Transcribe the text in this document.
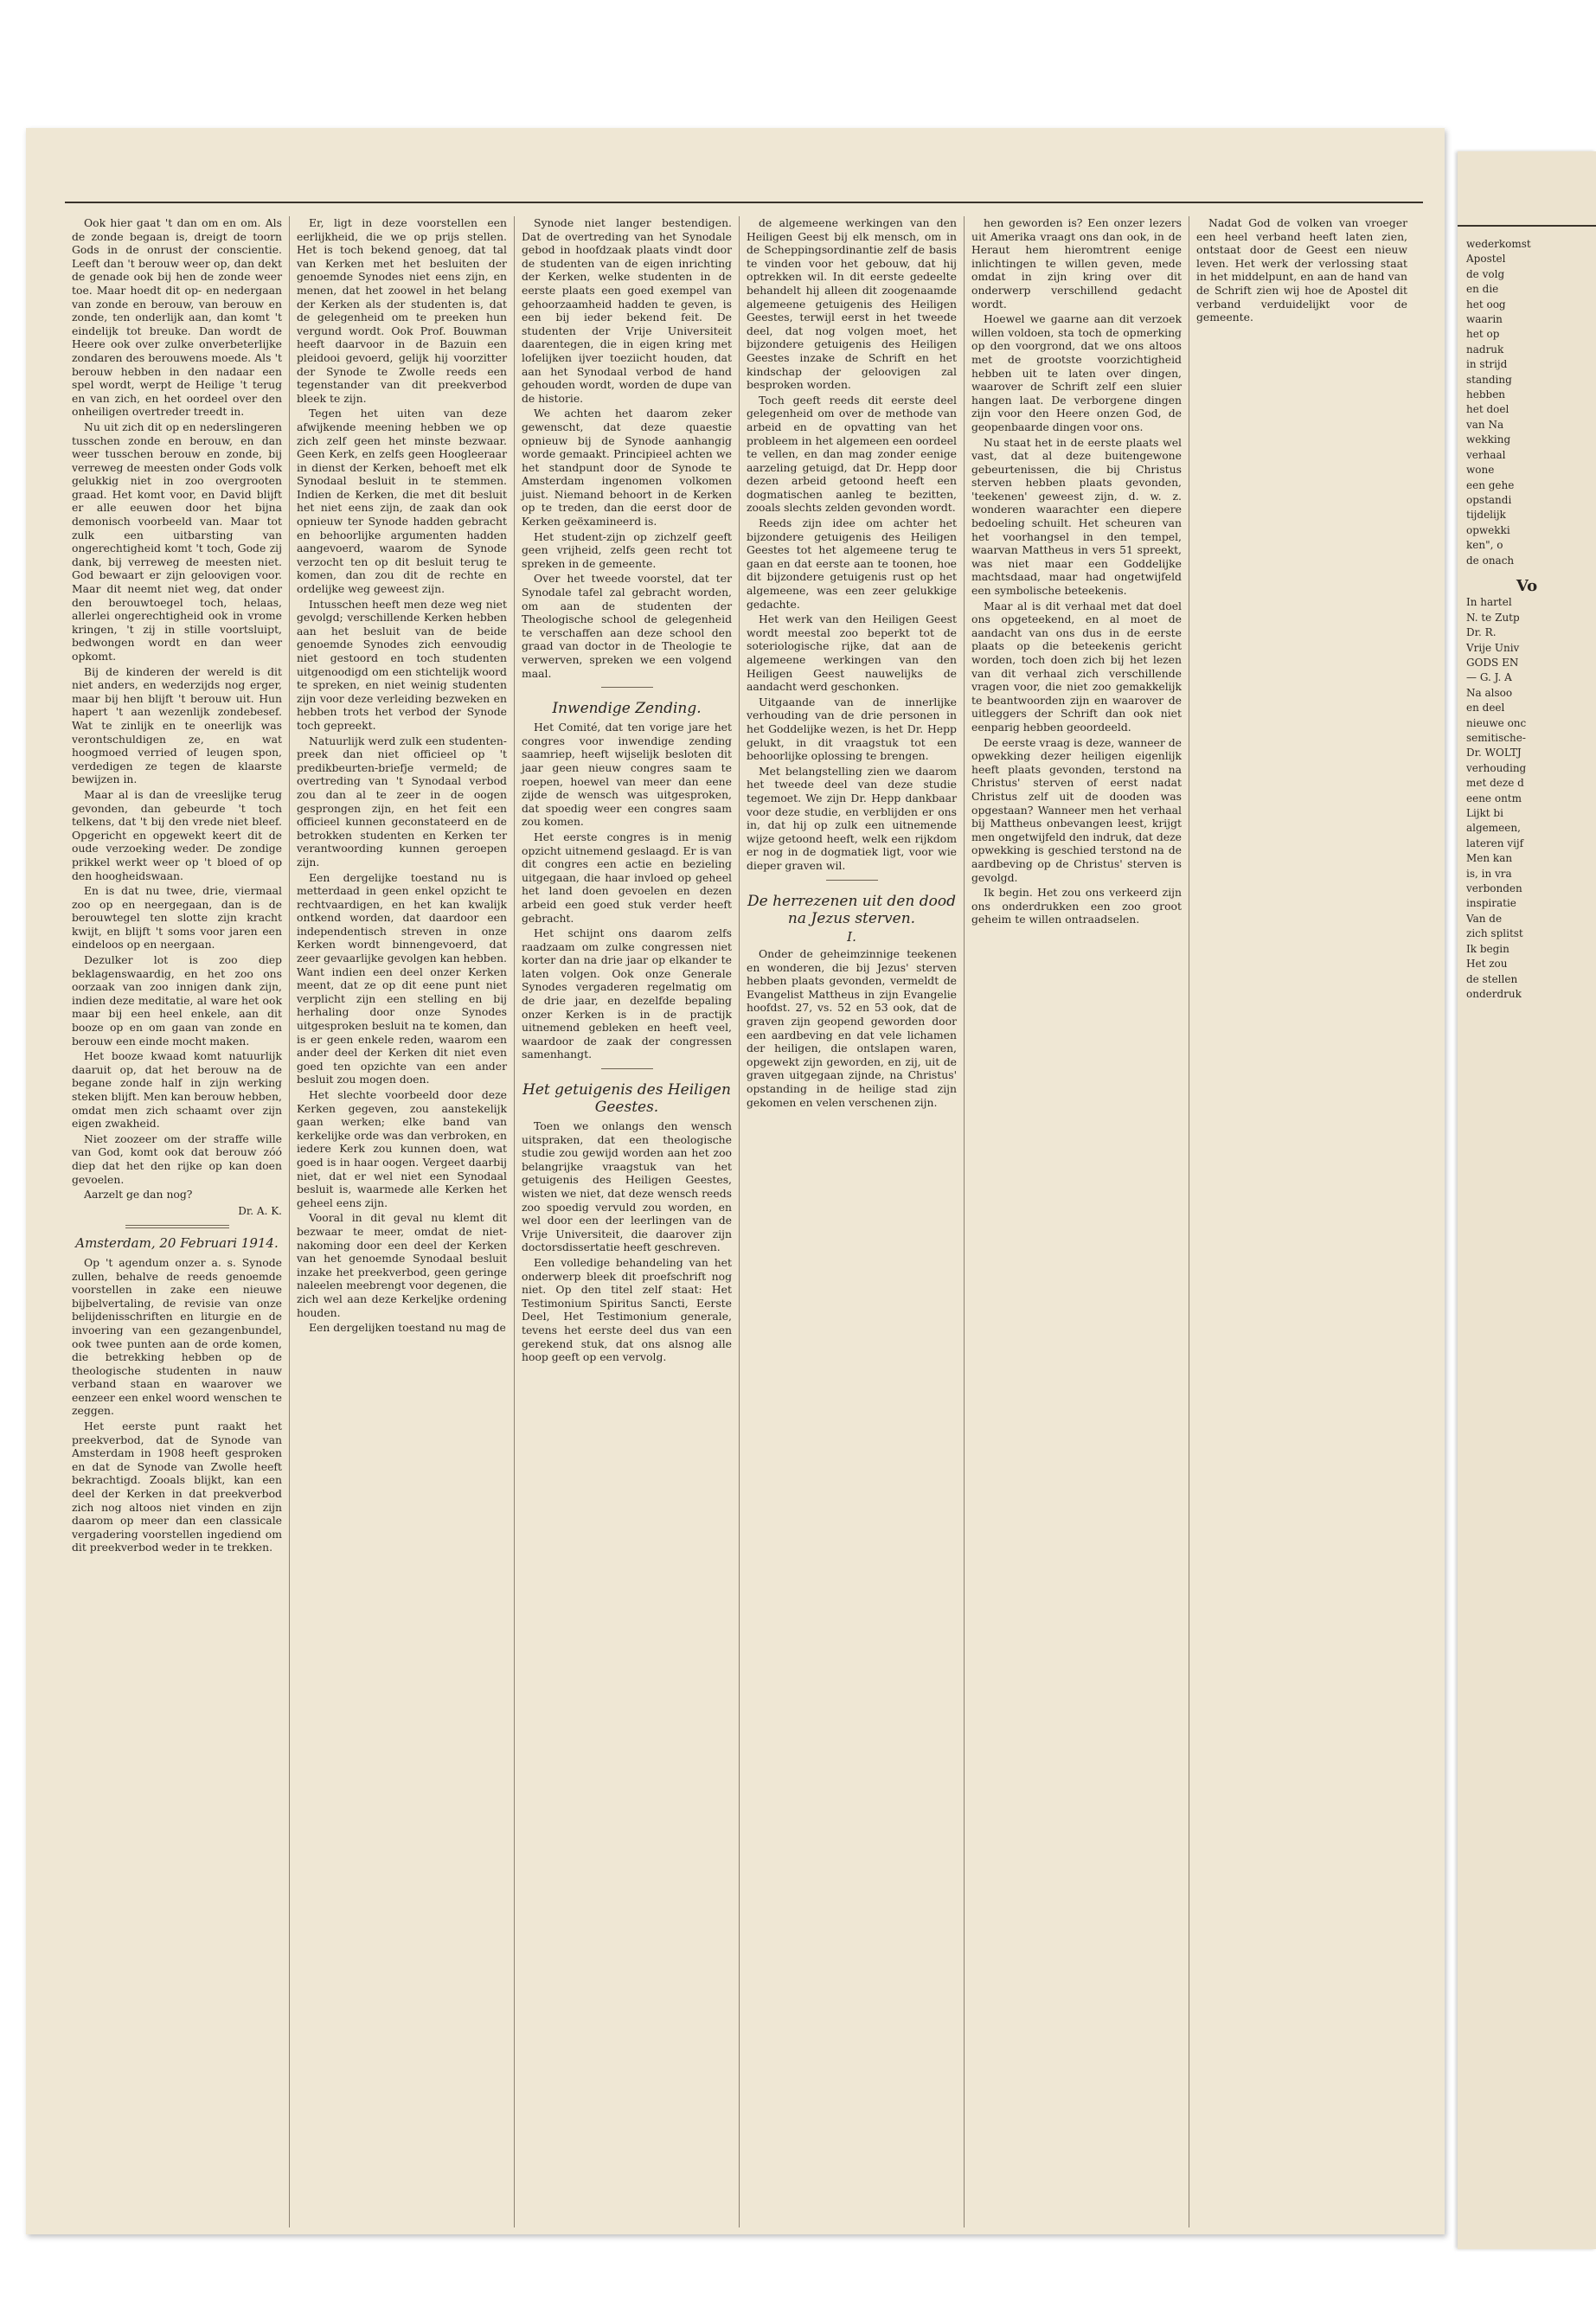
Ook hier gaat 't dan om en om. Als de zonde begaan is, dreigt de toorn Gods in de onrust der conscientie. Leeft dan 't berouw weer op, dan dekt de genade ook bij hen de zonde weer toe. Maar hoedt dit op- en nedergaan van zonde en berouw, van berouw en zonde, ten onderlijk aan, dan komt 't eindelijk tot breuke. Dan wordt de Heere ook over zulke onverbeterlijke zondaren des berouwens moede. Als 't berouw hebben in den nadaar een spel wordt, werpt de Heilige 't terug en van zich, en het oordeel over den onheiligen overtreder treedt in.

Nu uit zich dit op en nederslingeren tusschen zonde en berouw, en dan weer tusschen berouw en zonde, bij verreweg de meesten onder Gods volk gelukkig niet in zoo overgrooten graad. Het komt voor, en David blijft er alle eeuwen door het bijna demonisch voorbeeld van. Maar tot zulk een uitbarsting van ongerechtigheid komt 't toch, Gode zij dank, bij verreweg de meesten niet. God bewaart er zijn geloovigen voor. Maar dit neemt niet weg, dat onder den berouwtoegel toch, helaas, allerlei ongerechtigheid ook in vrome kringen, 't zij in stille voortsluipt, bedwongen wordt en dan weer opkomt.

Bij de kinderen der wereld is dit niet anders, en wederzijds nog erger, maar bij hen blijft 't berouw uit. Hun hapert 't aan wezenlijk zondebesef. Wat te zinlijk en te oneerlijk was verontschuldigen ze, en wat hoogmoed verried of leugen spon, verdedigen ze tegen de klaarste bewijzen in.

Maar al is dan de vreeslijke terug gevonden, dan gebeurde 't toch telkens, dat 't bij den vrede niet bleef. Opgericht en opgewekt keert dit de oude verzoeking weder. De zondige prikkel werkt weer op 't bloed of op den hoogheidswaan.

En is dat nu twee, drie, viermaal zoo op en neergegaan, dan is de berouwtegel ten slotte zijn kracht kwijt, en blijft 't soms voor jaren een eindeloos op en neergaan.

Dezulker lot is zoo diep beklagenswaardig, en het zoo ons oorzaak van zoo innigen dank zijn, indien deze meditatie, al ware het ook maar bij een heel enkele, aan dit booze op en om gaan van zonde en berouw een einde mocht maken.

Het booze kwaad komt natuurlijk daaruit op, dat het berouw na de begane zonde half in zijn werking steken blijft. Men kan berouw hebben, omdat men zich schaamt over zijn eigen zwakheid.

Niet zoozeer om der straffe wille van God, komt ook dat berouw zóó diep dat het den rijke op kan doen gevoelen.

Aarzelt ge dan nog?

Dr. A. K.
Amsterdam, 20 Februari 1914.

Op 't agendum onzer a. s. Synode zullen, behalve de reeds genoemde voorstellen in zake een nieuwe bijbelvertaling, de revisie van onze belijdenisschriften en liturgie en de invoering van een gezangenbundel, ook twee punten aan de orde komen, die betrekking hebben op de theologische studenten in nauw verband staan en waarover we eenzeer een enkel woord wenschen te zeggen.

Het eerste punt raakt het preekverbod, dat de Synode van Amsterdam in 1908 heeft gesproken en dat de Synode van Zwolle heeft bekrachtigd. Zooals blijkt, kan een deel der Kerken in dat preekverbod zich nog altoos niet vinden en zijn daarom op meer dan een classicale vergadering voorstellen ingediend om dit preekverbod weder in te trekken.

Er, ligt in deze voorstellen een eerlijkheid, die we op prijs stellen. Het is toch bekend genoeg, dat tal van Kerken met het besluiten der genoemde Synodes niet eens zijn, en menen, dat het zoowel in het belang der Kerken als der studenten is, dat de gelegenheid om te preeken hun vergund wordt. Ook Prof. Bouwman heeft daarvoor in de Bazuin een pleidooi gevoerd, gelijk hij voorzitter der Synode te Zwolle reeds een tegenstander van dit preekverbod bleek te zijn.

Tegen het uiten van deze afwijkende meening hebben we op zich zelf geen het minste bezwaar. Geen Kerk, en zelfs geen Hoogleeraar in dienst der Kerken, behoeft met elk Synodaal besluit in te stemmen. Indien de Kerken, die met dit besluit het niet eens zijn, de zaak dan ook opnieuw ter Synode hadden gebracht en behoorlijke argumenten hadden aangevoerd, waarom de Synode verzocht ten op dit besluit terug te komen, dan zou dit de rechte en ordelijke weg geweest zijn.

Intusschen heeft men deze weg niet gevolgd; verschillende Kerken hebben aan het besluit van de beide genoemde Synodes zich eenvoudig niet gestoord en toch studenten uitgenoodigd om een stichtelijk woord te spreken, en niet weinig studenten zijn voor deze verleiding bezweken en hebben trots het verbod der Synode toch gepreekt.

Natuurlijk werd zulk een studenten-preek dan niet officieel op 't predikbeurten-briefje vermeld; de overtreding van 't Synodaal verbod zou dan al te zeer in de oogen gesprongen zijn, en het feit een officieel kunnen geconstateerd en de betrokken studenten en Kerken ter verantwoording kunnen geroepen zijn.

Een dergelijke toestand nu is metterdaad in geen enkel opzicht te rechtvaardigen, en het kan kwalijk ontkend worden, dat daardoor een independentisch streven in onze Kerken wordt binnengevoerd, dat zeer gevaarlijke gevolgen kan hebben. Want indien een deel onzer Kerken meent, dat ze op dit eene punt niet verplicht zijn een stelling en bij herhaling door onze Synodes uitgesproken besluit na te komen, dan is er geen enkele reden, waarom een ander deel der Kerken dit niet even goed ten opzichte van een ander besluit zou mogen doen.

Het slechte voorbeeld door deze Kerken gegeven, zou aanstekelijk gaan werken; elke band van kerkelijke orde was dan verbroken, en iedere Kerk zou kunnen doen, wat goed is in haar oogen. Vergeet daarbij niet, dat er wel niet een Synodaal besluit is, waarmede alle Kerken het geheel eens zijn.

Vooral in dit geval nu klemt dit bezwaar te meer, omdat de niet-nakoming door een deel der Kerken van het genoemde Synodaal besluit inzake het preekverbod, geen geringe naleelen meebrengt voor degenen, die zich wel aan deze Kerkeljke ordening houden.

Een dergelijken toestand nu mag de

Synode niet langer bestendigen. Dat de overtreding van het Synodale gebod in hoofdzaak plaats vindt door de studenten van de eigen inrichting der Kerken, welke studenten in de eerste plaats een goed exempel van gehoorzaamheid hadden te geven, is een bij ieder bekend feit. De studenten der Vrije Universiteit daarentegen, die in eigen kring met lofelijken ijver toeziicht houden, dat aan het Synodaal verbod de hand gehouden wordt, worden de dupe van de historie.

We achten het daarom zeker gewenscht, dat deze quaestie opnieuw bij de Synode aanhangig worde gemaakt. Principieel achten we het standpunt door de Synode te Amsterdam ingenomen volkomen juist. Niemand behoort in de Kerken op te treden, dan die eerst door de Kerken geëxamineerd is.

Het student-zijn op zichzelf geeft geen vrijheid, zelfs geen recht tot spreken in de gemeente.

Over het tweede voorstel, dat ter Synodale tafel zal gebracht worden, om aan de studenten der Theologische school de gelegenheid te verschaffen aan deze school den graad van doctor in de Theologie te verwerven, spreken we een volgend maal.

Inwendige Zending.

Het Comité, dat ten vorige jare het congres voor inwendige zending saamriep, heeft wijselijk besloten dit jaar geen nieuw congres saam te roepen, hoewel van meer dan eene zijde de wensch was uitgesproken, dat spoedig weer een congres saam zou komen.

Het eerste congres is in menig opzicht uitnemend geslaagd. Er is van dit congres een actie en bezieling uitgegaan, die haar invloed op geheel het land doen gevoelen en dezen arbeid een goed stuk verder heeft gebracht.

Het schijnt ons daarom zelfs raadzaam om zulke congressen niet korter dan na drie jaar op elkander te laten volgen. Ook onze Generale Synodes vergaderen regelmatig om de drie jaar, en dezelfde bepaling onzer Kerken is in de practijk uitnemend gebleken en heeft veel, waardoor de zaak der congressen samenhangt.

Het getuigenis des Heiligen Geestes.

Toen we onlangs den wensch uitspraken, dat een theologische studie zou gewijd worden aan het zoo belangrijke vraagstuk van het getuigenis des Heiligen Geestes, wisten we niet, dat deze wensch reeds zoo spoedig vervuld zou worden, en wel door een der leerlingen van de Vrije Universiteit, die daarover zijn doctorsdissertatie heeft geschreven.

Een volledige behandeling van het onderwerp bleek dit proefschrift nog niet. Op den titel zelf staat: Het Testimonium Spiritus Sancti, Eerste Deel, Het Testimonium generale, tevens het eerste deel dus van een gerekend stuk, dat ons alsnog alle hoop geeft op een vervolg.

de algemeene werkingen van den Heiligen Geest bij elk mensch, om in de Scheppingsordinantie zelf de basis te vinden voor het gebouw, dat hij optrekken wil. In dit eerste gedeelte behandelt hij alleen dit zoogenaamde algemeene getuigenis des Heiligen Geestes, terwijl eerst in het tweede deel, dat nog volgen moet, het bijzondere getuigenis des Heiligen Geestes inzake de Schrift en het kindschap der geloovigen zal besproken worden.

Toch geeft reeds dit eerste deel gelegenheid om over de methode van arbeid en de opvatting van het probleem in het algemeen een oordeel te vellen, en dan mag zonder eenige aarzeling getuigd, dat Dr. Hepp door dezen arbeid getoond heeft een dogmatischen aanleg te bezitten, zooals slechts zelden gevonden wordt.

Reeds zijn idee om achter het bijzondere getuigenis des Heiligen Geestes tot het algemeene terug te gaan en dat eerste aan te toonen, hoe dit bijzondere getuigenis rust op het algemeene, was een zeer gelukkige gedachte.

Het werk van den Heiligen Geest wordt meestal zoo beperkt tot de soteriologische rijke, dat aan de algemeene werkingen van den Heiligen Geest nauwelijks de aandacht werd geschonken.

Uitgaande van de innerlijke verhouding van de drie personen in het Goddelijke wezen, is het Dr. Hepp gelukt, in dit vraagstuk tot een behoorlijke oplossing te brengen.

Met belangstelling zien we daarom het tweede deel van deze studie tegemoet. We zijn Dr. Hepp dankbaar voor deze studie, en verblijden er ons in, dat hij op zulk een uitnemende wijze getoond heeft, welk een rijkdom er nog in de dogmatiek ligt, voor wie dieper graven wil.

De herrezenen uit den dood na Jezus sterven.
I.

Onder de geheimzinnige teekenen en wonderen, die bij Jezus' sterven hebben plaats gevonden, vermeldt de Evangelist Mattheus in zijn Evangelie hoofdst. 27, vs. 52 en 53 ook, dat de graven zijn geopend geworden door een aardbeving en dat vele lichamen der heiligen, die ontslapen waren, opgewekt zijn geworden, en zij, uit de graven uitgegaan zijnde, na Christus' opstanding in de heilige stad zijn gekomen en velen verschenen zijn.

hen geworden is? Een onzer lezers uit Amerika vraagt ons dan ook, in de Heraut hem hieromtrent eenige inlichtingen te willen geven, mede omdat in zijn kring over dit onderwerp verschillend gedacht wordt.

Hoewel we gaarne aan dit verzoek willen voldoen, sta toch de opmerking op den voorgrond, dat we ons altoos met de grootste voorzichtigheid hebben uit te laten over dingen, waarover de Schrift zelf een sluier hangen laat. De verborgene dingen zijn voor den Heere onzen God, de geopenbaarde dingen voor ons.

Nu staat het in de eerste plaats wel vast, dat al deze buitengewone gebeurtenissen, die bij Christus sterven hebben plaats gevonden, 'teekenen' geweest zijn, d. w. z. wonderen waarachter een diepere bedoeling schuilt. Het scheuren van het voorhangsel in den tempel, waarvan Mattheus in vers 51 spreekt, was niet maar een Goddelijke machtsdaad, maar had ongetwijfeld een symbolische beteekenis.

Maar al is dit verhaal met dat doel ons opgeteekend, en al moet de aandacht van ons dus in de eerste plaats op die beteekenis gericht worden, toch doen zich bij het lezen van dit verhaal zich verschillende vragen voor, die niet zoo gemakkelijk te beantwoorden zijn en waarover de uitleggers der Schrift dan ook niet eenparig hebben geoordeeld.

De eerste vraag is deze, wanneer de opwekking dezer heiligen eigenlijk heeft plaats gevonden, terstond na Christus' sterven of eerst nadat Christus zelf uit de dooden was opgestaan? Wanneer men het verhaal bij Mattheus onbevangen leest, krijgt men ongetwijfeld den indruk, dat deze opwekking is geschied terstond na de aardbeving op de Christus' sterven is gevolgd.

Ik begin. Het zou ons verkeerd zijn ons onderdrukken een zoo groot geheim te willen ontraadselen.

Nadat God de volken van vroeger een heel verband heeft laten zien, ontstaat door de Geest een nieuw leven. Het werk der verlossing staat in het middelpunt, en aan de hand van de Schrift zien wij hoe de Apostel dit verband verduidelijkt voor de gemeente.

wederkomst

Apostel

de volg

en die

het oog

waarin

het op

nadruk

in strijd

standing

hebben

het doel

van Na

wekking

verhaal

wone

een gehe

opstandi

tijdelijk

opwekki

ken", o

de onach

Vo

In hartel

N. te Zutp

Dr. R.

Vrije Univ

GODS EN

— G. J. A

Na alsoo

en deel

nieuwe onc

semitische-

Dr. WOLTJ

verhouding

met deze d

eene ontm

Lijkt bi

algemeen,

lateren vijf

Men kan

is, in vra

verbonden

inspiratie

Van de

zich splitst

Ik begin

Het zou

de stellen

onderdruk
